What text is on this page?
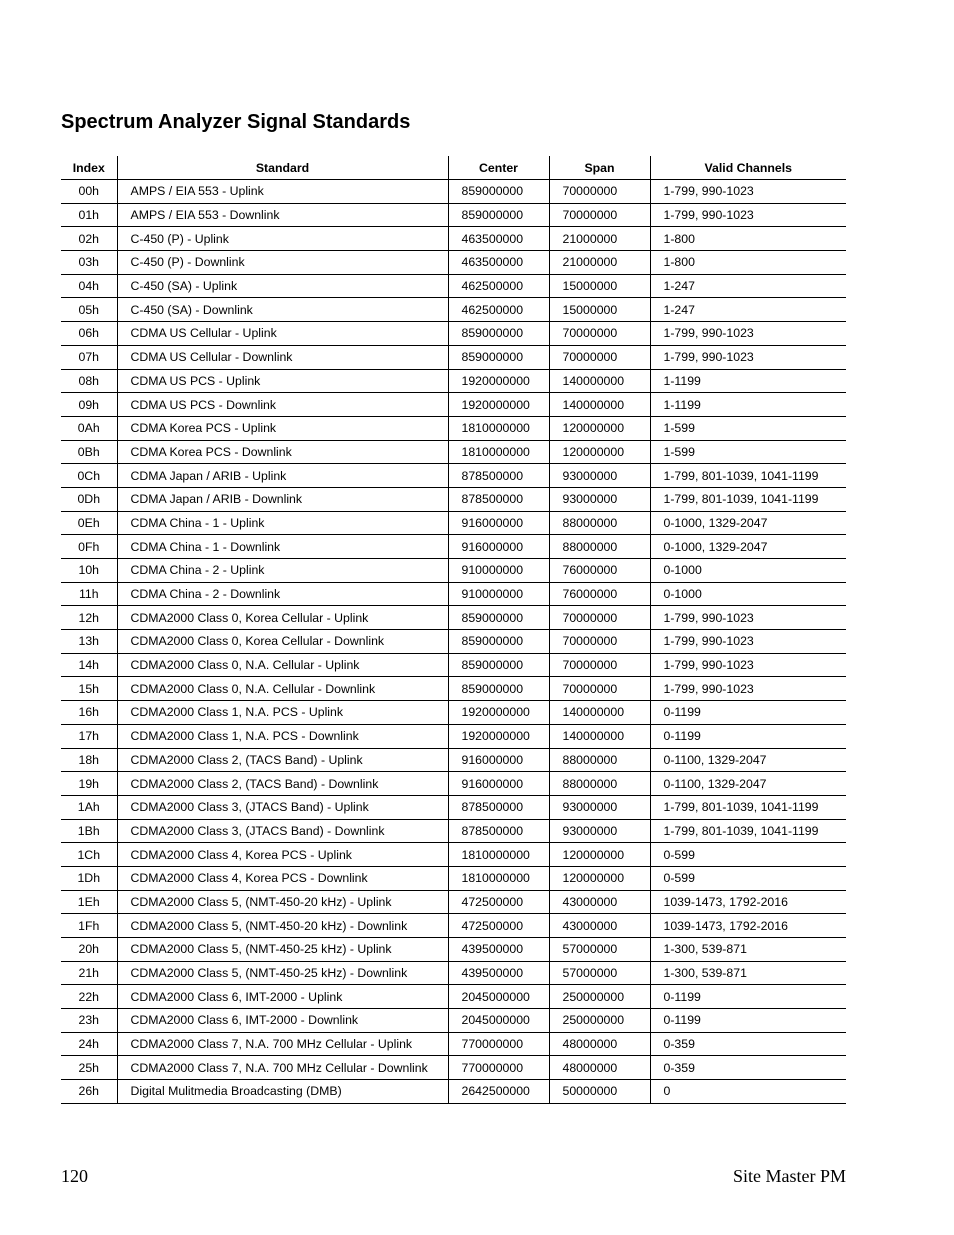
Spectrum Analyzer Signal Standards
Index	Standard	Center	Span	Valid Channels
00h	AMPS / EIA 553 - Uplink	859000000	70000000	1-799, 990-1023
01h	AMPS / EIA 553 - Downlink	859000000	70000000	1-799, 990-1023
02h	C-450 (P) - Uplink	463500000	21000000	1-800
03h	C-450 (P) - Downlink	463500000	21000000	1-800
04h	C-450 (SA) - Uplink	462500000	15000000	1-247
05h	C-450 (SA) - Downlink	462500000	15000000	1-247
06h	CDMA US Cellular - Uplink	859000000	70000000	1-799, 990-1023
07h	CDMA US Cellular - Downlink	859000000	70000000	1-799, 990-1023
08h	CDMA US PCS - Uplink	1920000000	140000000	1-1199
09h	CDMA US PCS - Downlink	1920000000	140000000	1-1199
0Ah	CDMA Korea PCS - Uplink	1810000000	120000000	1-599
0Bh	CDMA Korea PCS - Downlink	1810000000	120000000	1-599
0Ch	CDMA Japan / ARIB - Uplink	878500000	93000000	1-799, 801-1039, 1041-1199
0Dh	CDMA Japan / ARIB - Downlink	878500000	93000000	1-799, 801-1039, 1041-1199
0Eh	CDMA China - 1 - Uplink	916000000	88000000	0-1000, 1329-2047
0Fh	CDMA China - 1 - Downlink	916000000	88000000	0-1000, 1329-2047
10h	CDMA China - 2 - Uplink	910000000	76000000	0-1000
11h	CDMA China - 2 - Downlink	910000000	76000000	0-1000
12h	CDMA2000 Class 0, Korea Cellular - Uplink	859000000	70000000	1-799, 990-1023
13h	CDMA2000 Class 0, Korea Cellular - Downlink	859000000	70000000	1-799, 990-1023
14h	CDMA2000 Class 0, N.A. Cellular - Uplink	859000000	70000000	1-799, 990-1023
15h	CDMA2000 Class 0, N.A. Cellular - Downlink	859000000	70000000	1-799, 990-1023
16h	CDMA2000 Class 1, N.A. PCS - Uplink	1920000000	140000000	0-1199
17h	CDMA2000 Class 1, N.A. PCS - Downlink	1920000000	140000000	0-1199
18h	CDMA2000 Class 2, (TACS Band) - Uplink	916000000	88000000	0-1100, 1329-2047
19h	CDMA2000 Class 2, (TACS Band) - Downlink	916000000	88000000	0-1100, 1329-2047
1Ah	CDMA2000 Class 3, (JTACS Band) - Uplink	878500000	93000000	1-799, 801-1039, 1041-1199
1Bh	CDMA2000 Class 3, (JTACS Band) - Downlink	878500000	93000000	1-799, 801-1039, 1041-1199
1Ch	CDMA2000 Class 4, Korea PCS - Uplink	1810000000	120000000	0-599
1Dh	CDMA2000 Class 4, Korea PCS - Downlink	1810000000	120000000	0-599
1Eh	CDMA2000 Class 5, (NMT-450-20 kHz) - Uplink	472500000	43000000	1039-1473, 1792-2016
1Fh	CDMA2000 Class 5, (NMT-450-20 kHz) - Downlink	472500000	43000000	1039-1473, 1792-2016
20h	CDMA2000 Class 5, (NMT-450-25 kHz) - Uplink	439500000	57000000	1-300, 539-871
21h	CDMA2000 Class 5, (NMT-450-25 kHz) - Downlink	439500000	57000000	1-300, 539-871
22h	CDMA2000 Class 6, IMT-2000 - Uplink	2045000000	250000000	0-1199
23h	CDMA2000 Class 6, IMT-2000 - Downlink	2045000000	250000000	0-1199
24h	CDMA2000 Class 7, N.A. 700 MHz Cellular - Uplink	770000000	48000000	0-359
25h	CDMA2000 Class 7, N.A. 700 MHz Cellular - Downlink	770000000	48000000	0-359
26h	Digital Mulitmedia Broadcasting (DMB)	2642500000	50000000	0
120	Site Master PM
